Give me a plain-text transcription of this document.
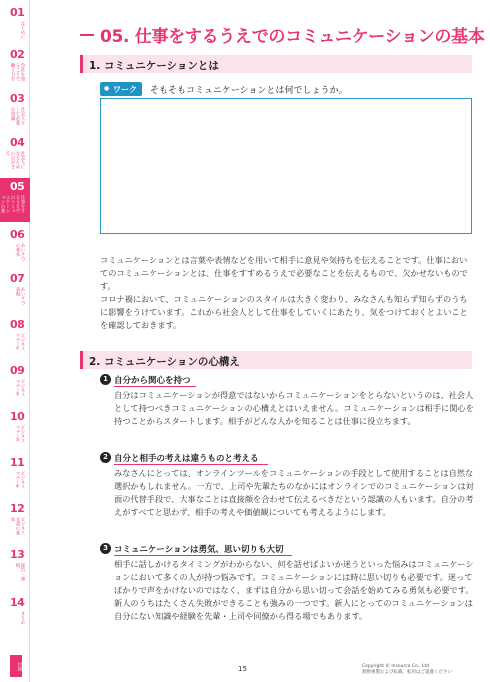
01
はじめに
02
会社を知ることで働く力を
03
社会人として必要な知識
04
社会人になるための心がまえ
05
仕事をするうえでのコミュニケーションの基
06
あいさつの基本
07
あいさつ表現
08
ビジネスマナー①
09
ビジネスマナー②
10
ビジネスマナー③
11
ビジネスマナー④
12
ビジネス文書の基本
13
報告・連絡
14
まとめ
付録
05. 仕事をするうえでのコミュニケーションの基本
1. コミュニケーションとは
● ワーク そもそもコミュニケーションとは何でしょうか。

コミュニケーションとは言葉や表情などを用いて相手に意見や気持ちを伝えることです。仕事においてのコミュニケーションとは、仕事をすすめるうえで必要なことを伝えるもので、欠かせないものです。

コロナ禍において、コミュニケーションのスタイルは大きく変わり、みなさんも知らず知らずのうちに影響をうけています。これから社会人として仕事をしていくにあたり、気をつけておくとよいことを確認しておきます。

2. コミュニケーションの心構え
1 自分から関心を持つ

自分はコミュニケーションが得意ではないからコミュニケーションをとらないというのは、社会人として持つべきコミュニケーションの心構えとはいえません。コミュニケーションは相手に関心を持つことからスタートします。相手がどんな人かを知ることは仕事に役立ちます。

2 自分と相手の考えは違うものと考える

みなさんにとっては、オンラインツールをコミュニケーションの手段として使用することは自然な選択かもしれません。一方で、上司や先輩たちのなかにはオンラインでのコミュニケーションは対面の代替手段で、大事なことは直接顔を合わせて伝えるべきだという認識の人もいます。自分の考えがすべてと思わず、相手の考えや価値観についても考えるようにします。

3 コミュニケーションは勇気、思い切りも大切

相手に話しかけるタイミングがわからない、何を話せばよいか迷うといった悩みはコミュニケーションにおいて多くの人が持つ悩みです。コミュニケーションには時に思い切りも必要です。迷ってばかりで声をかけないのではなく、まずは自分から思い切って会話を始めてみる勇気も必要です。新人のうちはたくさん失敗ができることも強みの一つです。新人にとってのコミュニケーションは自分にない知識や経験を先輩・上司や同僚から得る場でもあります。

15	Copyright © Insource Co., Ltd
無断複製および転載、転用はご遠慮ください
